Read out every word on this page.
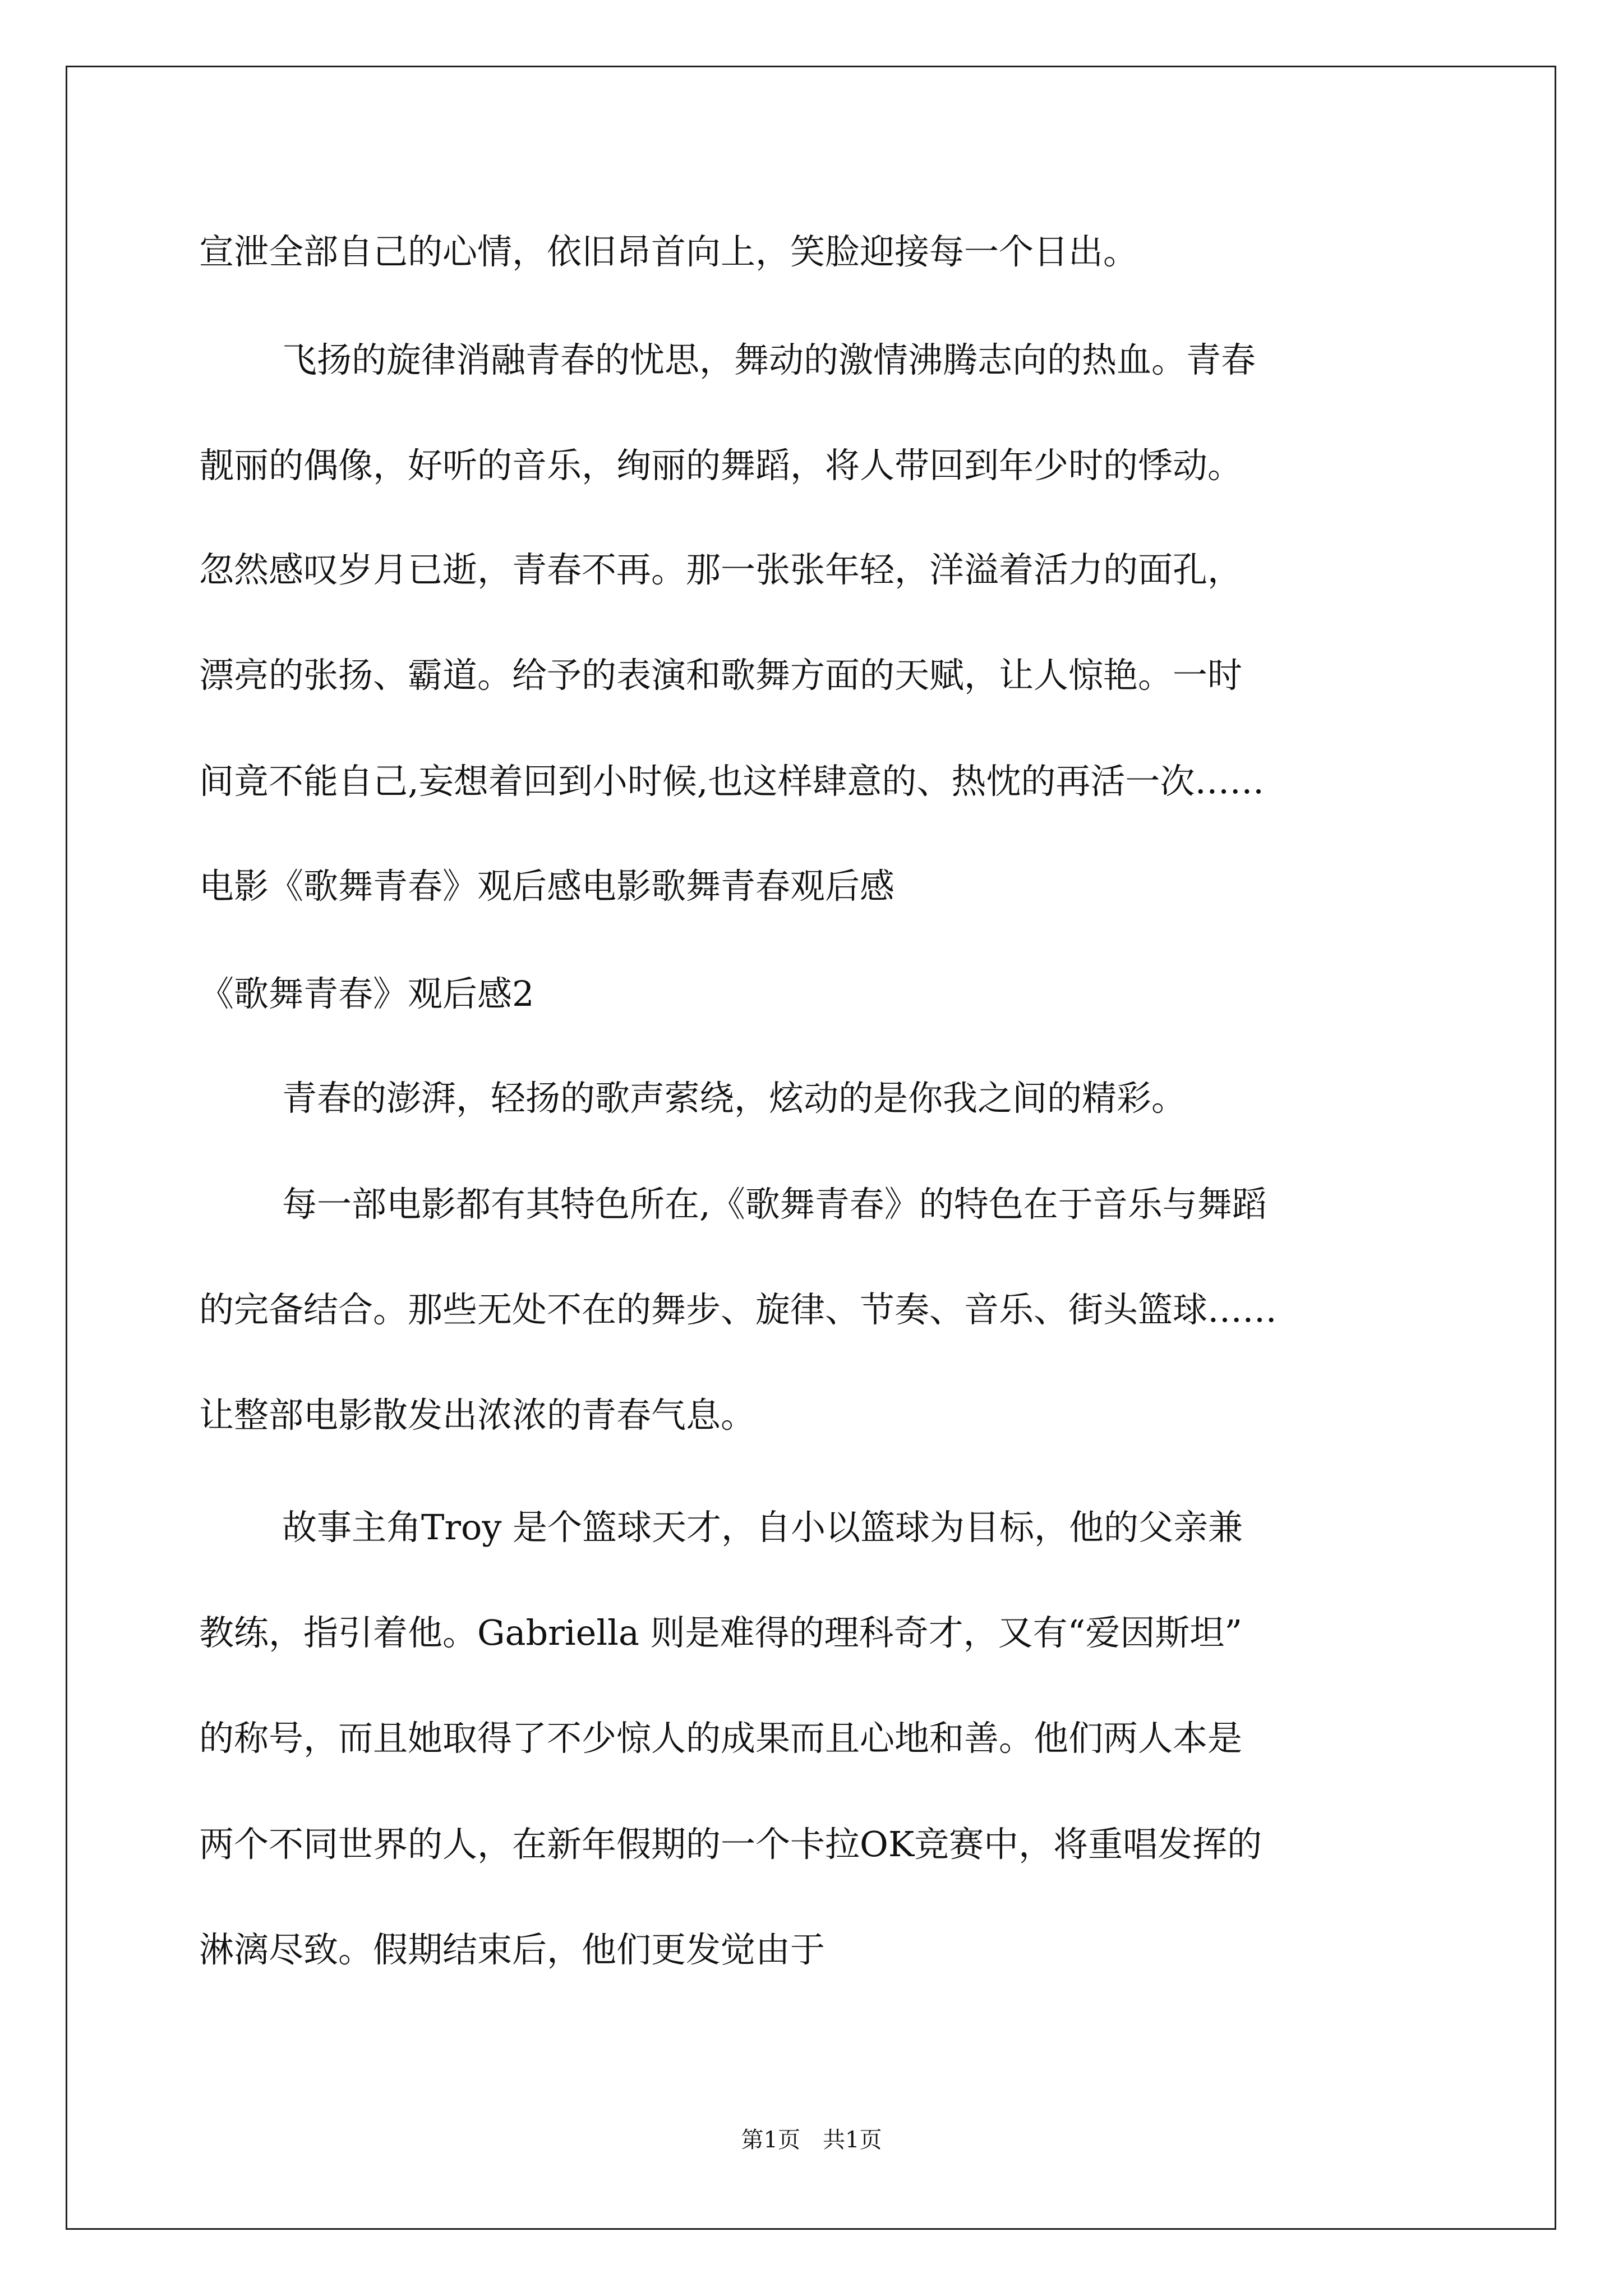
宣泄全部自己的心情，依旧昂首向上，笑脸迎接每一个日出。
飞扬的旋律消融青春的忧思，舞动的激情沸腾志向的热血。青春
靓丽的偶像，好听的音乐，绚丽的舞蹈，将人带回到年少时的悸动。
忽然感叹岁月已逝，青春不再。那一张张年轻，洋溢着活力的面孔，
漂亮的张扬、霸道。给予的表演和歌舞方面的天赋，让人惊艳。一时
间竟不能自己,妄想着回到小时候,也这样肆意的、热忱的再活一次……
电影《歌舞青春》观后感电影歌舞青春观后感
《歌舞青春》观后感2
青春的澎湃，轻扬的歌声萦绕，炫动的是你我之间的精彩。
每一部电影都有其特色所在,《歌舞青春》的特色在于音乐与舞蹈
的完备结合。那些无处不在的舞步、旋律、节奏、音乐、街头篮球……
让整部电影散发出浓浓的青春气息。
故事主角Troy 是个篮球天才，自小以篮球为目标，他的父亲兼
教练，指引着他。Gabriella 则是难得的理科奇才，又有“爱因斯坦”
的称号，而且她取得了不少惊人的成果而且心地和善。他们两人本是
两个不同世界的人，在新年假期的一个卡拉OK竞赛中，将重唱发挥的
淋漓尽致。假期结束后，他们更发觉由于
第1页　共1页
